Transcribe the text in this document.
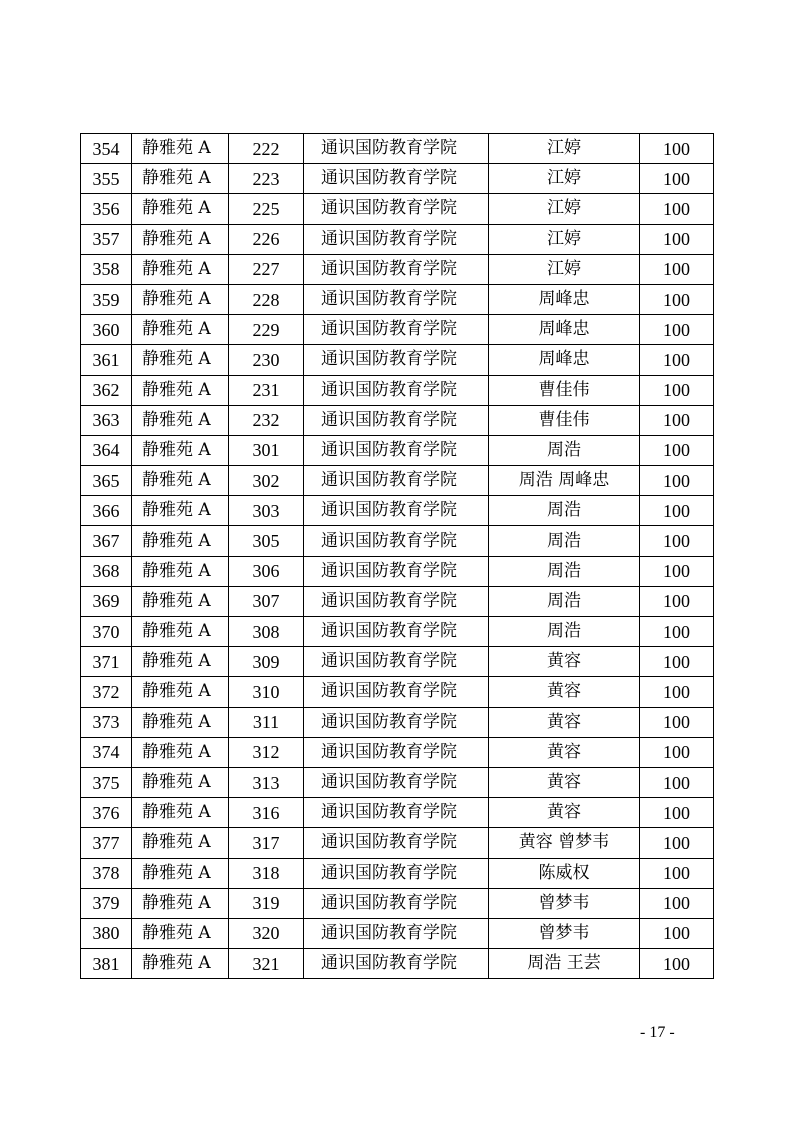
354	静雅苑 A	222	通识国防教育学院	江婷	100
355	静雅苑 A	223	通识国防教育学院	江婷	100
356	静雅苑 A	225	通识国防教育学院	江婷	100
357	静雅苑 A	226	通识国防教育学院	江婷	100
358	静雅苑 A	227	通识国防教育学院	江婷	100
359	静雅苑 A	228	通识国防教育学院	周峰忠	100
360	静雅苑 A	229	通识国防教育学院	周峰忠	100
361	静雅苑 A	230	通识国防教育学院	周峰忠	100
362	静雅苑 A	231	通识国防教育学院	曹佳伟	100
363	静雅苑 A	232	通识国防教育学院	曹佳伟	100
364	静雅苑 A	301	通识国防教育学院	周浩	100
365	静雅苑 A	302	通识国防教育学院	周浩 周峰忠	100
366	静雅苑 A	303	通识国防教育学院	周浩	100
367	静雅苑 A	305	通识国防教育学院	周浩	100
368	静雅苑 A	306	通识国防教育学院	周浩	100
369	静雅苑 A	307	通识国防教育学院	周浩	100
370	静雅苑 A	308	通识国防教育学院	周浩	100
371	静雅苑 A	309	通识国防教育学院	黄容	100
372	静雅苑 A	310	通识国防教育学院	黄容	100
373	静雅苑 A	311	通识国防教育学院	黄容	100
374	静雅苑 A	312	通识国防教育学院	黄容	100
375	静雅苑 A	313	通识国防教育学院	黄容	100
376	静雅苑 A	316	通识国防教育学院	黄容	100
377	静雅苑 A	317	通识国防教育学院	黄容 曾梦韦	100
378	静雅苑 A	318	通识国防教育学院	陈威权	100
379	静雅苑 A	319	通识国防教育学院	曾梦韦	100
380	静雅苑 A	320	通识国防教育学院	曾梦韦	100
381	静雅苑 A	321	通识国防教育学院	周浩 王芸	100
- 17 -
